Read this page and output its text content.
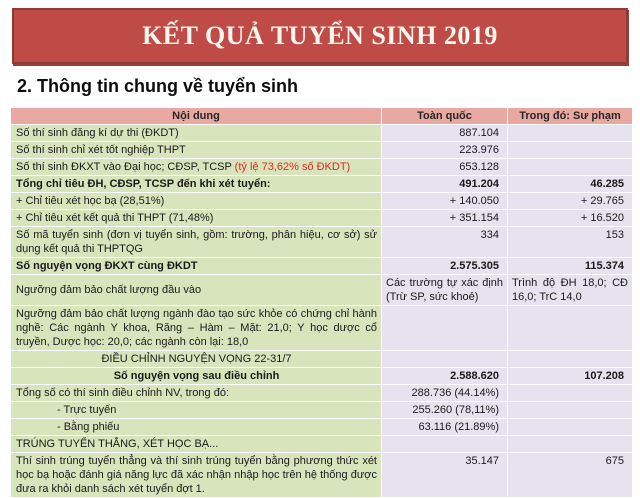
KẾT QUẢ TUYỂN SINH 2019
2. Thông tin chung về tuyển sinh
Nội dung	Toàn quốc	Trong đó: Sư phạm
Số thí sinh đăng kí dự thi (ĐKDT)	887.104	
Số thí sinh chỉ xét tốt nghiệp THPT	223.976	
Số thí sinh ĐKXT vào Đại học; CĐSP, TCSP (tỷ lệ 73,62% số ĐKDT)	653.128	
Tổng chỉ tiêu ĐH, CĐSP, TCSP đến khi xét tuyển:	491.204	46.285
+ Chỉ tiêu xét học bạ (28,51%)	+ 140.050	+ 29.765
+ Chỉ tiêu xét kết quả thi THPT (71,48%)	+ 351.154	+ 16.520
Số mã tuyển sinh (đơn vị tuyển sinh, gồm: trường, phân hiệu, cơ sở) sử dụng kết quả thi THPTQG	334	153
Số nguyện vọng ĐKXT cùng ĐKDT	2.575.305	115.374
Ngưỡng đảm bảo chất lượng đầu vào	Các trường tự xác định (Trừ SP, sức khoẻ)	Trình độ ĐH 18,0; CĐ 16,0; TrC 14,0
Ngưỡng đảm bảo chất lượng ngành đào tạo sức khỏe có chứng chỉ hành nghề: Các ngành Y khoa, Răng – Hàm – Mặt: 21,0; Y học dược cổ truyền, Dược học: 20,0; các ngành còn lại: 18,0		
ĐIỀU CHỈNH NGUYỆN VỌNG 22-31/7		
Số nguyện vọng sau điều chỉnh	2.588.620	107.208
Tổng số có thí sinh điều chỉnh NV, trong đó:	288.736 (44.14%)	
- Trực tuyến	255.260 (78,11%)	
- Bằng phiếu	63.116 (21.89%)	
TRÚNG TUYỂN THẲNG, XÉT HỌC BẠ...		
Thí sinh trúng tuyển thẳng và thí sinh trúng tuyển bằng phương thức xét học bạ hoặc đánh giá năng lực đã xác nhận nhập học trên hệ thống được đưa ra khỏi danh sách xét tuyển đợt 1.	35.147	675
